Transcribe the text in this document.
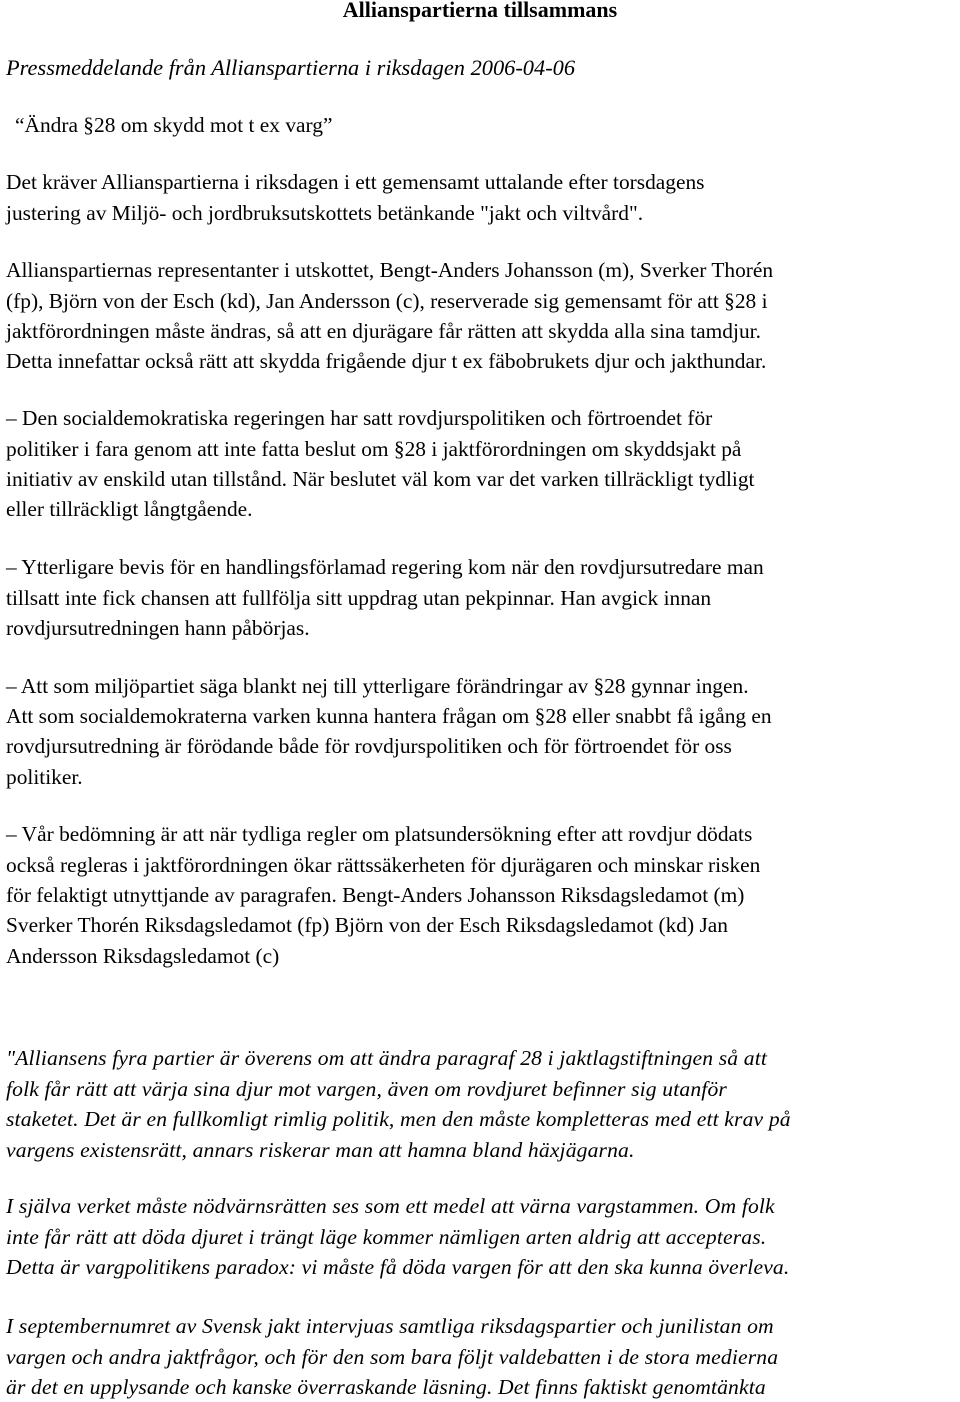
Allianspartierna tillsammans
Pressmeddelande från Allianspartierna i riksdagen 2006-04-06
“Ändra §28 om skydd mot t ex varg”
Det kräver Allianspartierna i riksdagen i ett gemensamt uttalande efter torsdagens
justering av Miljö- och jordbruksutskottets betänkande "jakt och viltvård".
Allianspartiernas representanter i utskottet, Bengt-Anders Johansson (m), Sverker Thorén
(fp), Björn von der Esch (kd), Jan Andersson (c), reserverade sig gemensamt för att §28 i
jaktförordningen måste ändras, så att en djurägare får rätten att skydda alla sina tamdjur.
Detta innefattar också rätt att skydda frigående djur t ex fäbobrukets djur och jakthundar.
– Den socialdemokratiska regeringen har satt rovdjurspolitiken och förtroendet för
politiker i fara genom att inte fatta beslut om §28 i jaktförordningen om skyddsjakt på
initiativ av enskild utan tillstånd. När beslutet väl kom var det varken tillräckligt tydligt
eller tillräckligt långtgående.
– Ytterligare bevis för en handlingsförlamad regering kom när den rovdjursutredare man
tillsatt inte fick chansen att fullfölja sitt uppdrag utan pekpinnar. Han avgick innan
rovdjursutredningen hann påbörjas.
– Att som miljöpartiet säga blankt nej till ytterligare förändringar av §28 gynnar ingen.
Att som socialdemokraterna varken kunna hantera frågan om §28 eller snabbt få igång en
rovdjursutredning är förödande både för rovdjurspolitiken och för förtroendet för oss
politiker.
– Vår bedömning är att när tydliga regler om platsundersökning efter att rovdjur dödats
också regleras i jaktförordningen ökar rättssäkerheten för djurägaren och minskar risken
för felaktigt utnyttjande av paragrafen. Bengt-Anders Johansson Riksdagsledamot (m)
Sverker Thorén Riksdagsledamot (fp) Björn von der Esch Riksdagsledamot (kd) Jan
Andersson Riksdagsledamot (c)
"Alliansens fyra partier är överens om att ändra paragraf 28 i jaktlagstiftningen så att
folk får rätt att värja sina djur mot vargen, även om rovdjuret befinner sig utanför
staketet. Det är en fullkomligt rimlig politik, men den måste kompletteras med ett krav på
vargens existensrätt, annars riskerar man att hamna bland häxjägarna.
I själva verket måste nödvärnsrätten ses som ett medel att värna vargstammen. Om folk
inte får rätt att döda djuret i trängt läge kommer nämligen arten aldrig att accepteras.
Detta är vargpolitikens paradox: vi måste få döda vargen för att den ska kunna överleva.
I septembernumret av Svensk jakt intervjuas samtliga riksdagspartier och junilistan om
vargen och andra jaktfrågor, och för den som bara följt valdebatten i de stora medierna
är det en upplysande och kanske överraskande läsning. Det finns faktiskt genomtänkta
